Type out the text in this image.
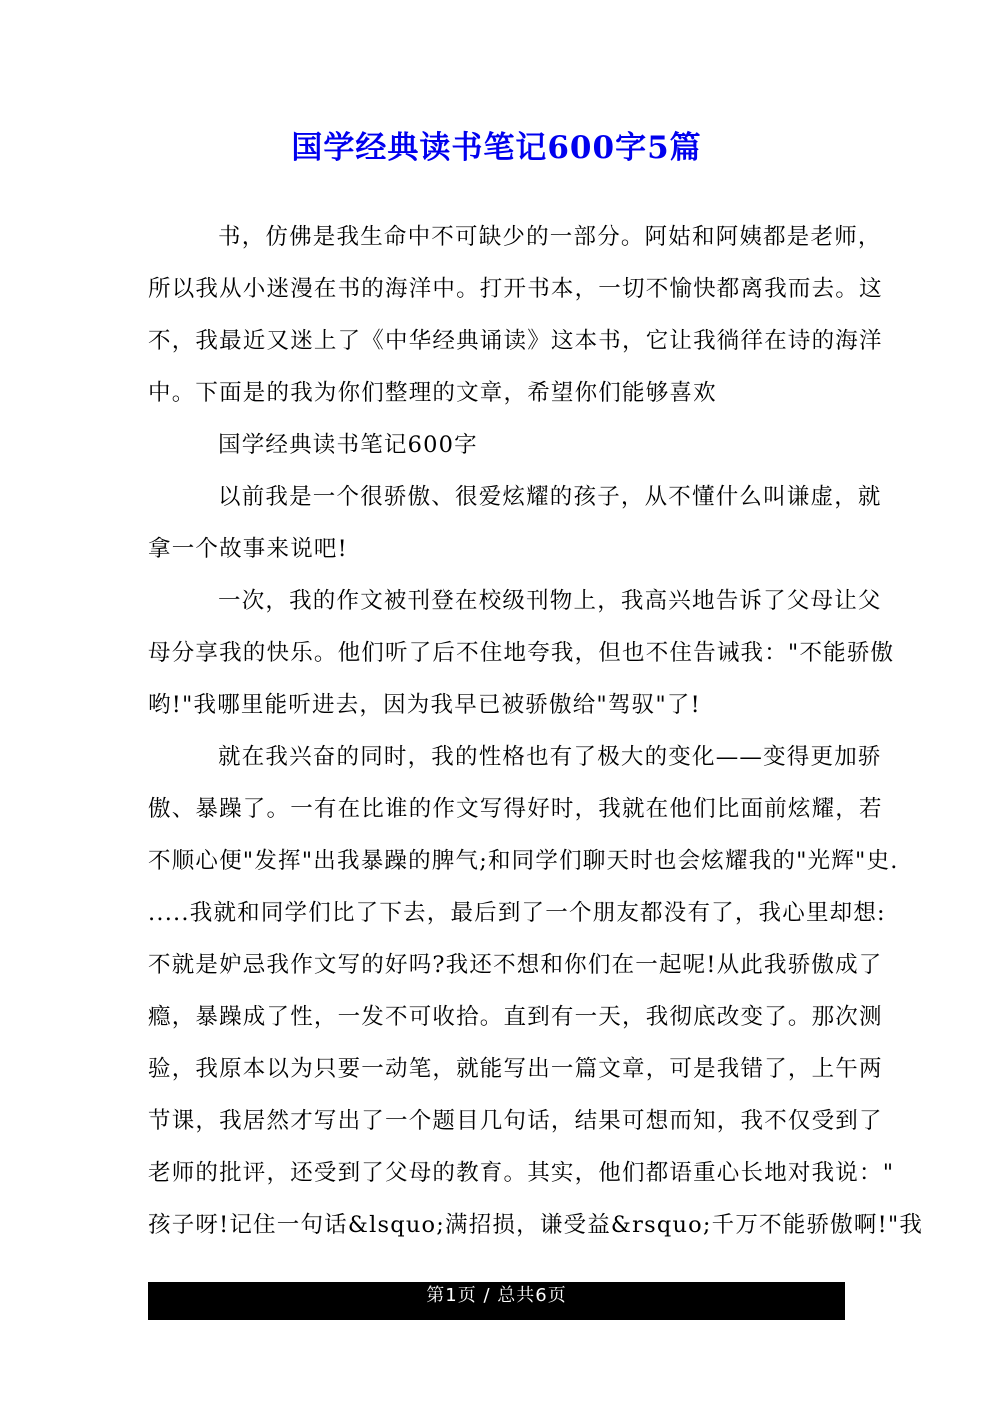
国学经典读书笔记600字5篇
书，仿佛是我生命中不可缺少的一部分。阿姑和阿姨都是老师，
所以我从小迷漫在书的海洋中。打开书本，一切不愉快都离我而去。这
不，我最近又迷上了《中华经典诵读》这本书，它让我徜徉在诗的海洋
中。下面是的我为你们整理的文章，希望你们能够喜欢
国学经典读书笔记600字
以前我是一个很骄傲、很爱炫耀的孩子，从不懂什么叫谦虚，就
拿一个故事来说吧!
一次，我的作文被刊登在校级刊物上，我高兴地告诉了父母让父
母分享我的快乐。他们听了后不住地夸我，但也不住告诫我："不能骄傲
哟!"我哪里能听进去，因为我早已被骄傲给"驾驭"了!
就在我兴奋的同时，我的性格也有了极大的变化——变得更加骄
傲、暴躁了。一有在比谁的作文写得好时，我就在他们比面前炫耀，若
不顺心便"发挥"出我暴躁的脾气;和同学们聊天时也会炫耀我的"光辉"史.
.....我就和同学们比了下去，最后到了一个朋友都没有了，我心里却想:
不就是妒忌我作文写的好吗?我还不想和你们在一起呢!从此我骄傲成了
瘾，暴躁成了性，一发不可收拾。直到有一天，我彻底改变了。那次测
验，我原本以为只要一动笔，就能写出一篇文章，可是我错了，上午两
节课，我居然才写出了一个题目几句话，结果可想而知，我不仅受到了
老师的批评，还受到了父母的教育。其实，他们都语重心长地对我说："
孩子呀!记住一句话&lsquo;满招损，谦受益&rsquo;千万不能骄傲啊!"我
第1页 / 总共6页
